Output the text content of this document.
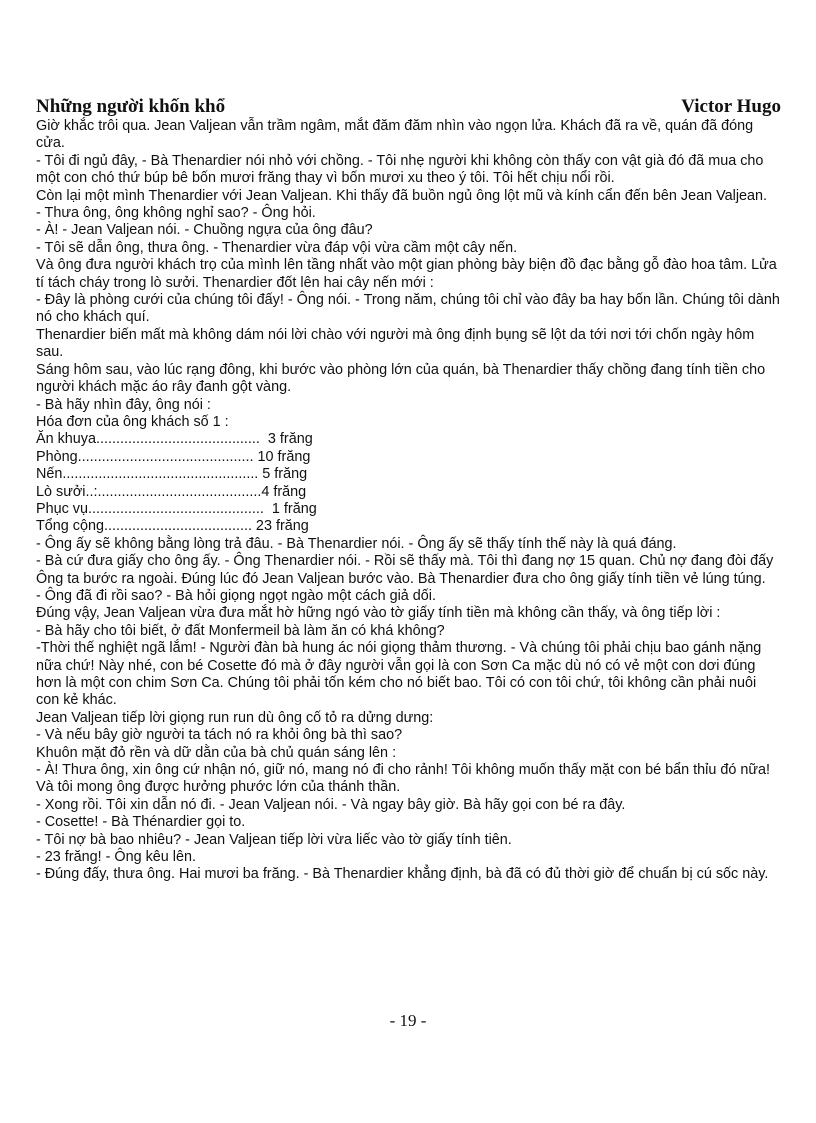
Những người khốn khổ	Victor Hugo

Giờ khắc trôi qua. Jean Valjean vẫn trầm ngâm, mắt đăm đăm nhìn vào ngọn lửa. Khách đã ra về, quán đã đóng cửa.

- Tôi đi ngủ đây, - Bà Thenardier nói nhỏ với chồng. - Tôi nhẹ người khi không còn thấy con vật già đó đã mua cho một con chó thứ búp bê bốn mươi frăng thay vì bốn mươi xu theo ý tôi. Tôi hết chịu nổi rồi.

Còn lại một mình Thenardier với Jean Valjean. Khi thấy đã buồn ngủ ông lột mũ và kính cẩn đến bên Jean Valjean.

- Thưa ông, ông không nghỉ sao? - Ông hỏi.

- À! - Jean Valjean nói. - Chuồng ngựa của ông đâu?

- Tôi sẽ dẫn ông, thưa ông. - Thenardier vừa đáp vội vừa cầm một cây nến.

Và ông đưa người khách trọ của mình lên tầng nhất vào một gian phòng bày biện đồ đạc bằng gỗ đào hoa tâm. Lửa tí tách cháy trong lò sưởi. Thenardier đốt lên hai cây nến mới :

- Đây là phòng cưới của chúng tôi đấy! - Ông nói. - Trong năm, chúng tôi chỉ vào đây ba hay bốn lần. Chúng tôi dành nó cho khách quí.

Thenardier biến mất mà không dám nói lời chào với người mà ông định bụng sẽ lột da tới nơi tới chốn ngày hôm sau.

Sáng hôm sau, vào lúc rạng đông, khi bước vào phòng lớn của quán, bà Thenardier thấy chồng đang tính tiền cho người khách mặc áo rây đanh gột vàng.

- Bà hãy nhìn đây, ông nói :

Hóa đơn của ông khách số 1 :

Ăn khuya.........................................  3 frăng

Phòng............................................ 10 frăng

Nến................................................. 5 frăng

Lò sưởi..:.........................................4 frăng

Phục vụ............................................  1 frăng

Tổng cộng..................................... 23 frăng

- Ông ấy sẽ không bằng lòng trả đâu. - Bà Thenardier nói. - Ông ấy sẽ thấy tính thế này là quá đáng.

- Bà cứ đưa giấy cho ông ấy. - Ông Thenardier nói. - Rồi sẽ thấy mà. Tôi thì đang nợ 15 quan. Chủ nợ đang đòi đấy

Ông ta bước ra ngoài. Đúng lúc đó Jean Valjean bước vào. Bà Thenardier đưa cho ông giấy tính tiền vẻ lúng túng.

- Ông đã đi rồi sao? - Bà hỏi giọng ngọt ngào một cách giả dối.

Đúng vậy, Jean Valjean vừa đưa mắt hờ hững ngó vào tờ giấy tính tiền mà không cần thấy, và ông tiếp lời :

- Bà hãy cho tôi biết, ở đất Monfermeil bà làm ăn có khá không?

-Thời thế nghiệt ngã lắm! - Người đàn bà hung ác nói giọng thảm thương. - Và chúng tôi phải chịu bao gánh nặng nữa chứ! Này nhé, con bé Cosette đó mà ở đây người vẫn gọi là con Sơn Ca mặc dù nó có vẻ một con dơi đúng hơn là một con chim Sơn Ca. Chúng tôi phải tốn kém cho nó biết bao. Tôi có con tôi chứ, tôi không cần phải nuôi con kẻ khác.

Jean Valjean tiếp lời giọng run run dù ông cố tỏ ra dửng dưng:

- Và nếu bây giờ người ta tách nó ra khỏi ông bà thì sao?

Khuôn mặt đỏ rền và dữ dằn của bà chủ quán sáng lên :

- À! Thưa ông, xin ông cứ nhận nó, giữ nó, mang nó đi cho rảnh! Tôi không muốn thấy mặt con bé bẩn thỉu đó nữa! Và tôi mong ông được hưởng phước lớn của thánh thần.

- Xong rồi. Tôi xin dẫn nó đi. - Jean Valjean nói. - Và ngay bây giờ. Bà hãy gọi con bé ra đây.

- Cosette! - Bà Thénardier gọi to.

- Tôi nợ bà bao nhiêu? - Jean Valjean tiếp lời vừa liếc vào tờ giấy tính tiên.

- 23 frăng! - Ông kêu lên.

- Đúng đấy, thưa ông. Hai mươi ba frăng. - Bà Thenardier khẳng định, bà đã có đủ thời giờ để chuẩn bị cú sốc này.

- 19 -
